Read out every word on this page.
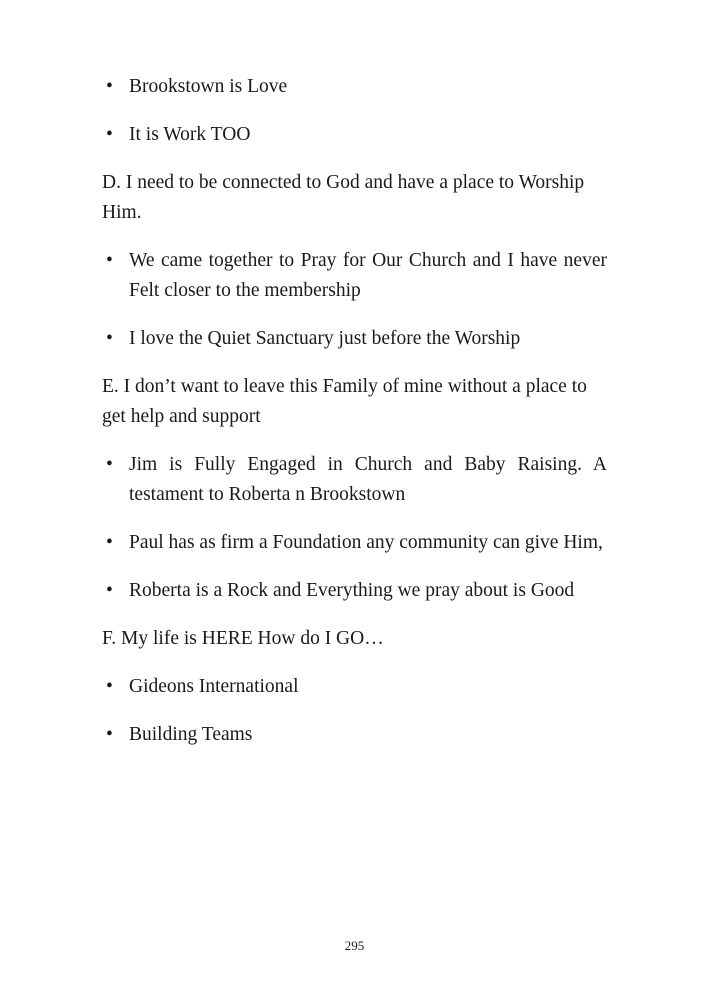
• Brookstown is Love
• It is Work TOO

D. I need to be connected to God and have a place to Worship Him.

• We came together to Pray for Our Church and I have never Felt closer to the membership
• I love the Quiet Sanctuary just before the Worship

E. I don’t want to leave this Family of mine without a place to get help and support

• Jim is Fully Engaged in Church and Baby Raising. A testament to Roberta n Brookstown
• Paul has as firm a Foundation any community can give Him,
• Roberta is a Rock and Everything we pray about is Good

F. My life is HERE How do I GO…

• Gideons International
• Building Teams
295
